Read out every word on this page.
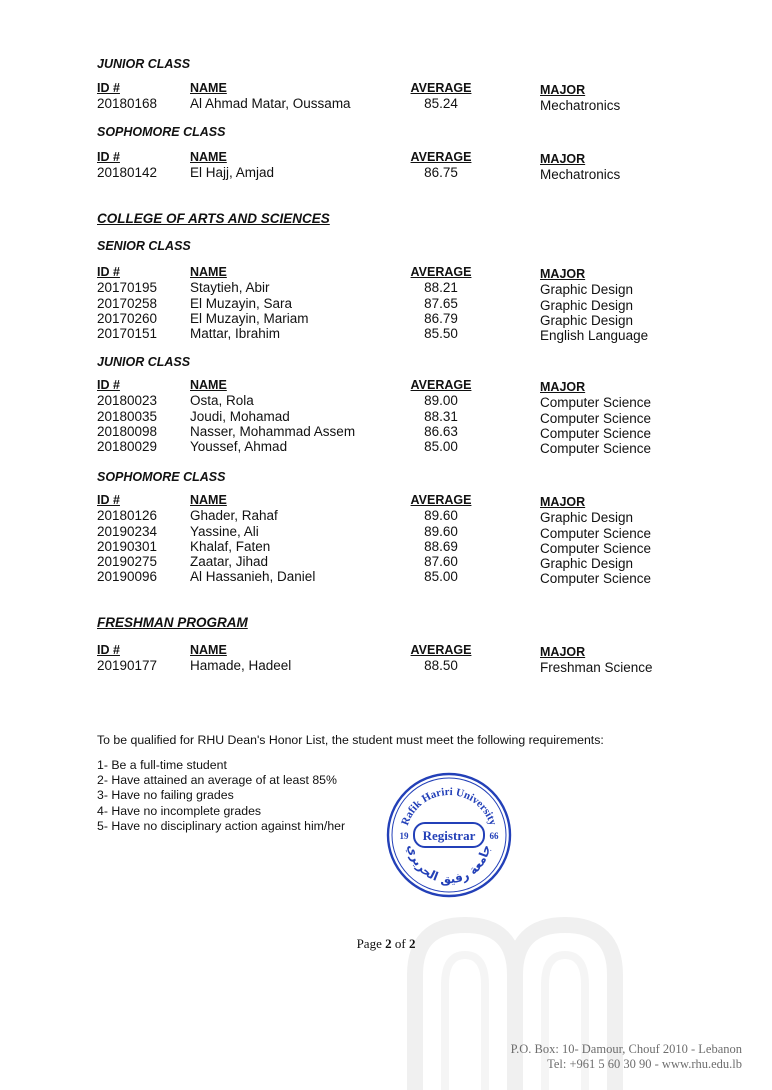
JUNIOR CLASS
ID #	NAME	AVERAGE	MAJOR
20180168 Al Ahmad Matar, Oussama	85.24	Mechatronics
SOPHOMORE CLASS
ID #	NAME	AVERAGE	MAJOR
20180142 El Hajj, Amjad	86.75	Mechatronics
COLLEGE OF ARTS AND SCIENCES
SENIOR CLASS
ID #	NAME	AVERAGE	MAJOR
20170195 Staytieh, Abir	88.21	Graphic Design
20170258 El Muzayin, Sara	87.65	Graphic Design
20170260 El Muzayin, Mariam	86.79	Graphic Design
20170151 Mattar, Ibrahim	85.50	English Language
JUNIOR CLASS
ID #	NAME	AVERAGE	MAJOR
20180023 Osta, Rola	89.00	Computer Science
20180035 Joudi, Mohamad	88.31	Computer Science
20180098 Nasser, Mohammad Assem	86.63	Computer Science
20180029 Youssef, Ahmad	85.00	Computer Science
SOPHOMORE CLASS
ID #	NAME	AVERAGE	MAJOR
20180126 Ghader, Rahaf	89.60	Graphic Design
20190234 Yassine, Ali	89.60	Computer Science
20190301 Khalaf, Faten	88.69	Computer Science
20190275 Zaatar, Jihad	87.60	Graphic Design
20190096 Al Hassanieh, Daniel	85.00	Computer Science
FRESHMAN PROGRAM
ID #	NAME	AVERAGE	MAJOR
20190177 Hamade, Hadeel	88.50	Freshman Science
To be qualified for RHU Dean's Honor List, the student must meet the following requirements:
1- Be a full-time student
2- Have attained an average of at least 85%
3- Have no failing grades
4- Have no incomplete grades
5- Have no disciplinary action against him/her	Rafik Hariri University
Registrar
19	66
جامعة رفيق الحريري
Page 2 of 2
P.O. Box: 10- Damour, Chouf 2010 - Lebanon
Tel: +961 5 60 30 90 - www.rhu.edu.lb
